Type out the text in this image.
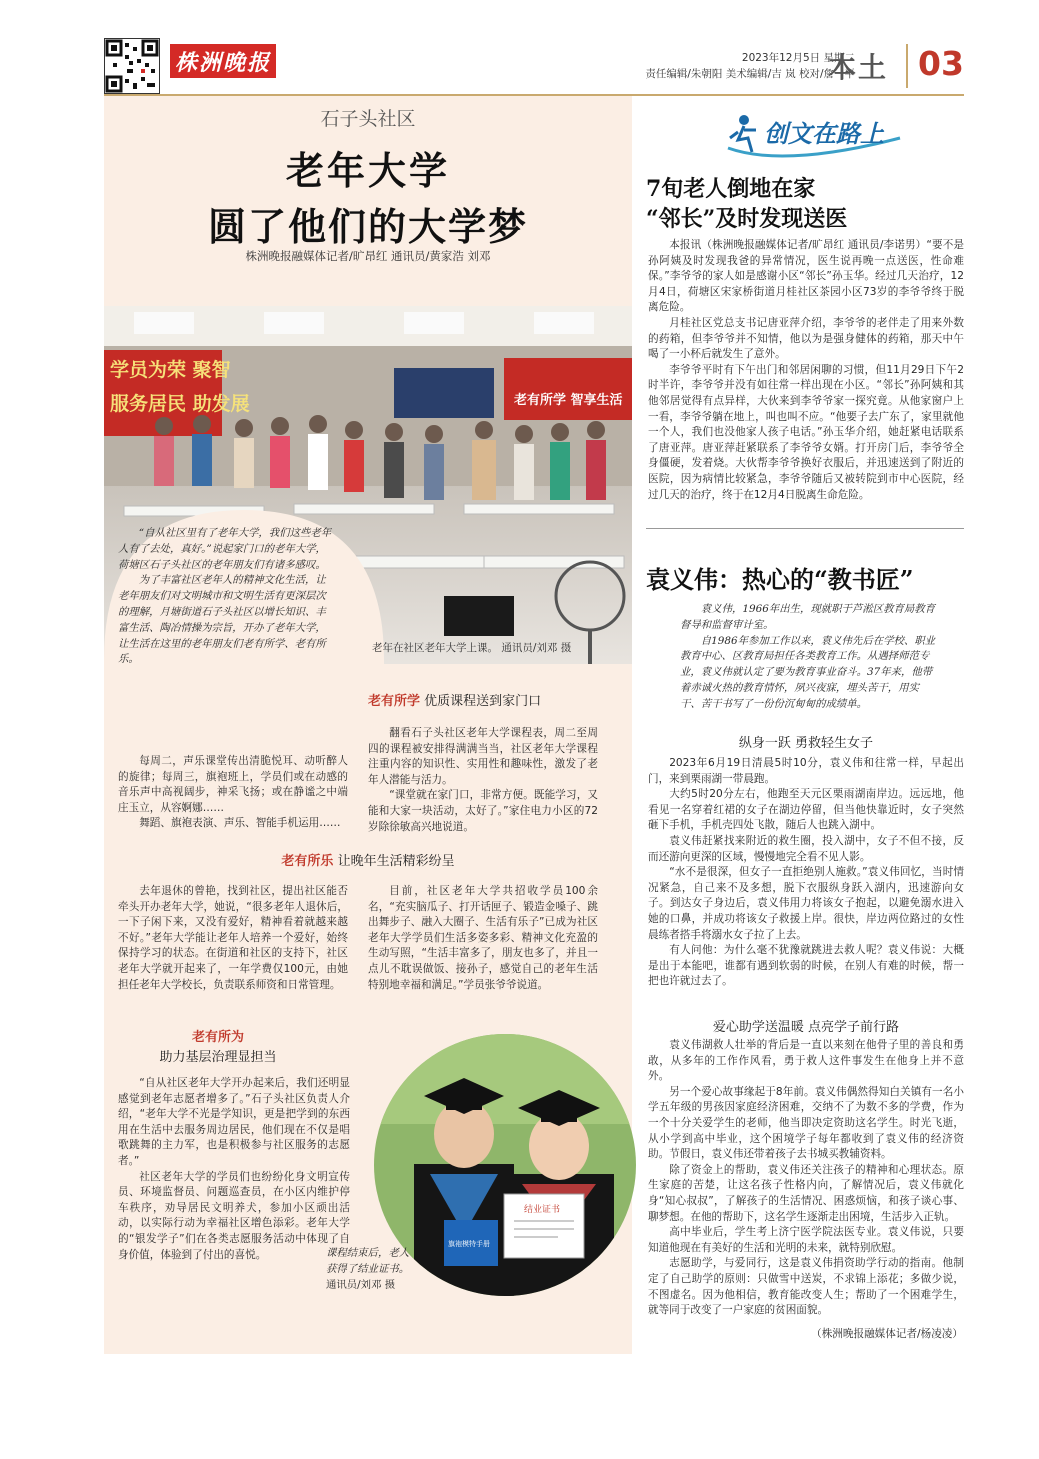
株洲晚报	2023年12月5日 星期二
责任编辑/朱朝阳 美术编辑/吉 岚 校对/詹一平
本土 03
石子头社区
老年大学
圆了他们的大学梦
株洲晚报融媒体记者/旷昂红 通讯员/黄家浩 刘邓
学员为荣 聚智
服务居民 助发展	老有所学 智享生活

“自从社区里有了老年大学，我们这些老年人有了去处，真好。”说起家门口的老年大学，荷塘区石子头社区的老年朋友们有诸多感叹。

为了丰富社区老年人的精神文化生活，让老年朋友们对文明城市和文明生活有更深层次的理解，月塘街道石子头社区以增长知识、丰富生活、陶冶情操为宗旨，开办了老年大学，让生活在这里的老年朋友们老有所学、老有所乐。

老年在社区老年大学上课。 通讯员/刘邓 摄
老有所学 优质课程送到家门口

每周二，声乐课堂传出清脆悦耳、动听醉人的旋律；每周三，旗袍班上，学员们或在动感的音乐声中高视阔步，神采飞扬；或在静谧之中端庄玉立，从容婀娜……

舞蹈、旗袍表演、声乐、智能手机运用……

翻看石子头社区老年大学课程表，周二至周四的课程被安排得满满当当，社区老年大学课程注重内容的知识性、实用性和趣味性，激发了老年人潜能与活力。

“课堂就在家门口，非常方便。既能学习，又能和大家一块活动，太好了。”家住电力小区的72岁除徐敏高兴地说道。

老有所乐 让晚年生活精彩纷呈

去年退休的曾艳，找到社区，提出社区能否牵头开办老年大学，她说，“很多老年人退休后，一下子闲下来，又没有爱好，精神看着就越来越不好。”老年大学能让老年人培养一个爱好，始终保持学习的状态。在街道和社区的支持下，社区老年大学就开起来了，一年学费仅100元，由她担任老年大学校长，负责联系师资和日常管理。

目前，社区老年大学共招收学员100余名，“充实脑瓜子、打开话匣子、锻造金嗓子、跳出舞步子、融入大圈子、生活有乐子”已成为社区老年大学学员们生活多姿多彩、精神文化充盈的生动写照，“生活丰富多了，朋友也多了，并且一点儿不耽误做饭、接孙子，感觉自己的老年生活特别地幸福和满足。”学员张爷爷说道。

老有所为
助力基层治理显担当

“自从社区老年大学开办起来后，我们还明显感觉到老年志愿者增多了。”石子头社区负责人介绍，“老年大学不光是学知识，更是把学到的东西用在生活中去服务周边居民，他们现在不仅是唱歌跳舞的主力军，也是积极参与社区服务的志愿者。”

社区老年大学的学员们也纷纷化身文明宣传员、环境监督员、问题巡查员，在小区内维护停车秩序，劝导居民文明养犬，参加小区顽出活动，以实际行动为幸福社区增色添彩。老年大学的“银发学子”们在各类志愿服务活动中体现了自身价值，体验到了付出的喜悦。

结业证书
旗袍模特手册

课程结束后，老人获得了结业证书。

通讯员/刘邓 摄

创文在路上
7旬老人倒地在家
“邻长”及时发现送医

本报讯（株洲晚报融媒体记者/旷昂红 通讯员/李诺男）“要不是孙阿姨及时发现我爸的异常情况，医生说再晚一点送医，性命难保。”李爷爷的家人如是感谢小区“邻长”孙玉华。经过几天治疗，12月4日，荷塘区宋家桥街道月桂社区茶园小区73岁的李爷爷终于脱离危险。

月桂社区党总支书记唐亚萍介绍，李爷爷的老伴走了用来外数的药箱，但李爷爷并不知情，他以为是强身健体的药箱，那天中午喝了一小杯后就发生了意外。

李爷爷平时有下午出门和邻居闲聊的习惯，但11月29日下午2时半许，李爷爷并没有如往常一样出现在小区。“邻长”孙阿姨和其他邻居觉得有点异样，大伙来到李爷爷家一探究竟。从他家窗户上一看，李爷爷躺在地上，叫也叫不应。“他要子去广东了，家里就他一个人，我们也没他家人孩子电话。”孙玉华介绍，她赶紧电话联系了唐亚萍。唐亚萍赶紧联系了李爷爷女婿。打开房门后，李爷爷全身僵硬，发着烧。大伙帮李爷爷换好衣服后，并迅速送到了附近的医院，因为病情比较紧急，李爷爷随后又被转院到市中心医院，经过几天的治疗，终于在12月4日脱离生命危险。

袁义伟：热心的“教书匠”

袁义伟，1966年出生，现就职于芦淞区教育局教育督导和监督审计室。

自1986年参加工作以来，袁义伟先后在学校、职业教育中心、区教育局担任各类教育工作。从遇择师范专业，袁义伟就认定了要为教育事业奋斗。37年来，他带着赤诚火热的教育情怀，夙兴夜寐，埋头苦干，用实干、苦干书写了一份份沉甸甸的成绩单。

纵身一跃 勇救轻生女子

2023年6月19日清晨5时10分，袁义伟和往常一样，早起出门，来到栗雨湖一带晨跑。

大约5时20分左右，他跑至天元区栗雨湖南岸边。远远地，他看见一名穿着红裙的女子在湖边停留，但当他快靠近时，女子突然砸下手机，手机壳四处飞散，随后人也跳入湖中。

袁义伟赶紧找来附近的救生圈，投入湖中，女子不但不接，反而还游向更深的区域，慢慢地完全看不见人影。

“水不是很深，但女子一直拒绝别人施救。”袁义伟回忆，当时情况紧急，自己来不及多想，脱下衣服纵身跃入湖内，迅速游向女子。到达女子身边后，袁义伟用力将该女子抱起，以避免溺水进入她的口鼻，并成功将该女子救援上岸。很快，岸边两位路过的女性晨练者搭手将溺水女子拉了上去。

有人问他：为什么毫不犹豫就跳进去救人呢？袁义伟说：大概是出于本能吧，谁都有遇到软弱的时候，在别人有难的时候，帮一把也许就过去了。

爱心助学送温暖 点亮学子前行路

袁义伟湖救人壮举的背后是一直以来刻在他骨子里的善良和勇敢，从多年的工作作风看，勇于救人这件事发生在他身上并不意外。

另一个爱心故事缘起于8年前。袁义伟偶然得知白关镇有一名小学五年级的男孩因家庭经济困难，交纳不了为数不多的学费，作为一个十分关爱学生的老师，他当即决定资助这名学生。时光飞逝，从小学到高中毕业，这个困境学子每年都收到了袁义伟的经济资助。节假日，袁义伟还带着孩子去书城买教辅资料。

除了资金上的帮助，袁义伟还关注孩子的精神和心理状态。原生家庭的苦楚，让这名孩子性格内向，了解情况后，袁义伟就化身“知心叔叔”，了解孩子的生活情况、困惑烦恼，和孩子谈心事、聊梦想。在他的帮助下，这名学生逐渐走出困境，生活步入正轨。

高中毕业后，学生考上济宁医学院法医专业。袁义伟说，只要知道他现在有美好的生活和光明的未来，就特别欣慰。

志愿助学，与爱同行，这是袁义伟捐资助学行动的指南。他制定了自己助学的原则：只做雪中送炭，不求锦上添花；多做少说，不图虚名。因为他相信，教育能改变人生；帮助了一个困难学生，就等同于改变了一户家庭的贫困面貌。

（株洲晚报融媒体记者/杨凌凌）
